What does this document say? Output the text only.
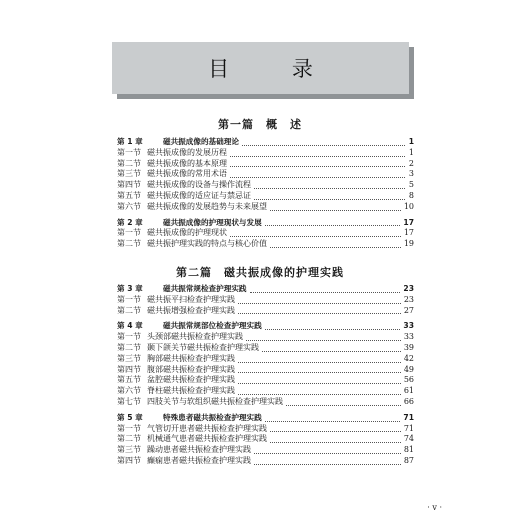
目 录
第一篇　概　述
第 1 章	磁共振成像的基础理论	1
第一节 磁共振成像的发展历程	1
第二节 磁共振成像的基本原理	2
第三节 磁共振成像的常用术语	3
第四节 磁共振成像的设备与操作流程	5
第五节 磁共振成像的适应证与禁忌证	8
第六节 磁共振成像的发展趋势与未来展望	10
第 2 章	磁共振成像的护理现状与发展	17
第一节 磁共振成像的护理现状	17
第二节 磁共振护理实践的特点与核心价值	19
第二篇　磁共振成像的护理实践
第 3 章	磁共振常规检查护理实践	23
第一节 磁共振平扫检查护理实践	23
第二节 磁共振增强检查护理实践	27
第 4 章	磁共振常规部位检查护理实践	33
第一节 头颈部磁共振检查护理实践	33
第二节 颞下颌关节磁共振检查护理实践	39
第三节 胸部磁共振检查护理实践	42
第四节 腹部磁共振检查护理实践	49
第五节 盆腔磁共振检查护理实践	56
第六节 脊柱磁共振检查护理实践	61
第七节 四肢关节与软组织磁共振检查护理实践	66
第 5 章	特殊患者磁共振检查护理实践	71
第一节 气管切开患者磁共振检查护理实践	71
第二节 机械通气患者磁共振检查护理实践	74
第三节 躁动患者磁共振检查护理实践	81
第四节 癫痫患者磁共振检查护理实践	87
· v ·
